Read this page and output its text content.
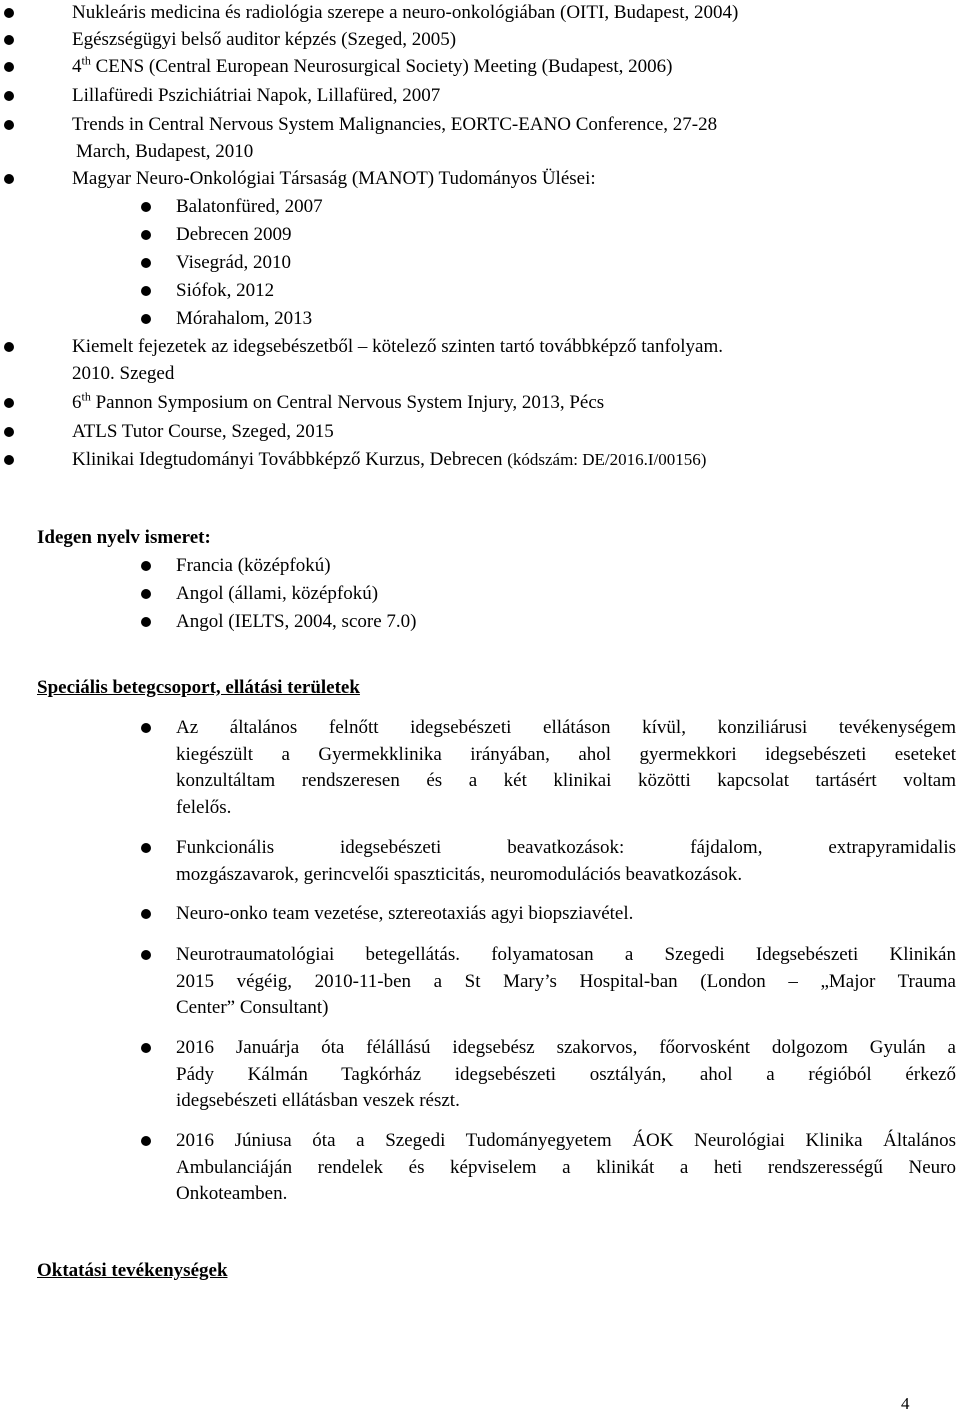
Nukleáris medicina és radiológia szerepe a neuro-onkológiában (OITI, Budapest, 2004)
Egészségügyi belső auditor képzés (Szeged, 2005)
4th CENS (Central European Neurosurgical Society) Meeting (Budapest, 2006)
Lillafüredi Pszichiátriai Napok, Lillafüred, 2007
Trends in Central Nervous System Malignancies, EORTC-EANO Conference, 27-28
March, Budapest, 2010
Magyar Neuro-Onkológiai Társaság (MANOT) Tudományos Ülései:
Balatonfüred, 2007
Debrecen 2009
Visegrád, 2010
Siófok, 2012
Mórahalom, 2013
Kiemelt fejezetek az idegsebészetből – kötelező szinten tartó továbbképző tanfolyam.
2010. Szeged
6th Pannon Symposium on Central Nervous System Injury, 2013, Pécs
ATLS Tutor Course, Szeged, 2015
Klinikai Idegtudományi Továbbképző Kurzus, Debrecen (kódszám: DE/2016.I/00156)
Idegen nyelv ismeret:
Francia (középfokú)
Angol (állami, középfokú)
Angol (IELTS, 2004, score 7.0)
Speciális betegcsoport, ellátási területek
Az általános felnőtt idegsebészeti ellátáson kívül, konziliárusi tevékenységem
kiegészült a Gyermekklinika irányában, ahol gyermekkori idegsebészeti eseteket
konzultáltam rendszeresen és a két klinikai közötti kapcsolat tartásért voltam
felelős.
Funkcionális idegsebészeti beavatkozások: fájdalom, extrapyramidalis
mozgászavarok, gerincvelői spaszticitás, neuromodulációs beavatkozások.
Neuro-onko team vezetése, sztereotaxiás agyi biopsziavétel.
Neurotraumatológiai betegellátás. folyamatosan a Szegedi Idegsebészeti Klinikán
2015 végéig, 2010-11-ben a St Mary’s Hospital-ban (London – „Major Trauma
Center” Consultant)
2016 Januárja óta félállású idegsebész szakorvos, főorvosként dolgozom Gyulán a
Pády Kálmán Tagkórház idegsebészeti osztályán, ahol a régióból érkező
idegsebészeti ellátásban veszek részt.
2016 Júniusa óta a Szegedi Tudományegyetem ÁOK Neurológiai Klinika Általános
Ambulanciáján rendelek és képviselem a klinikát a heti rendszerességű Neuro
Onkoteamben.
Oktatási tevékenységek
4
